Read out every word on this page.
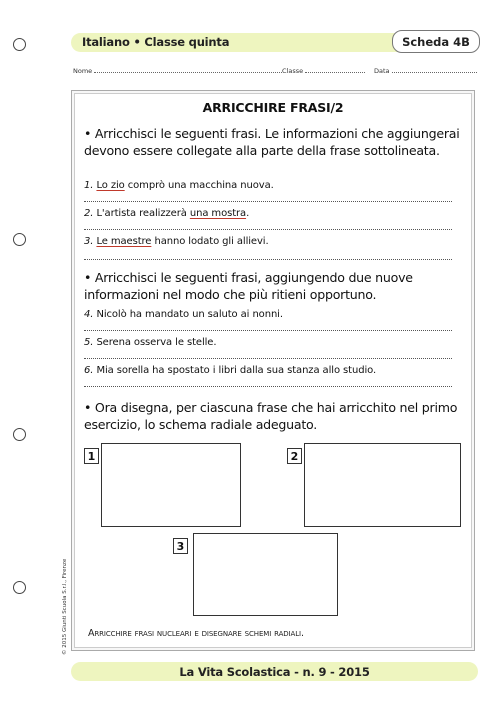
Italiano • Classe quinta	Scheda 4B
Nome	Classe	Data
ARRICCHIRE FRASI/2
• Arricchisci le seguenti frasi. Le informazioni che aggiungerai devono essere collegate alla parte della frase sottolineata.
1. Lo zio comprò una macchina nuova.
2. L'artista realizzerà una mostra.
3. Le maestre hanno lodato gli allievi.
• Arricchisci le seguenti frasi, aggiungendo due nuove informazioni nel modo che più ritieni opportuno.
4. Nicolò ha mandato un saluto ai nonni.
5. Serena osserva le stelle.
6. Mia sorella ha spostato i libri dalla sua stanza allo studio.
• Ora disegna, per ciascuna frase che hai arricchito nel primo esercizio, lo schema radiale adeguato.
1	2
3
Arricchire frasi nucleari e disegnare schemi radiali.
© 2015 Giunti Scuola S.r.l., Firenze
La Vita Scolastica - n. 9 - 2015
